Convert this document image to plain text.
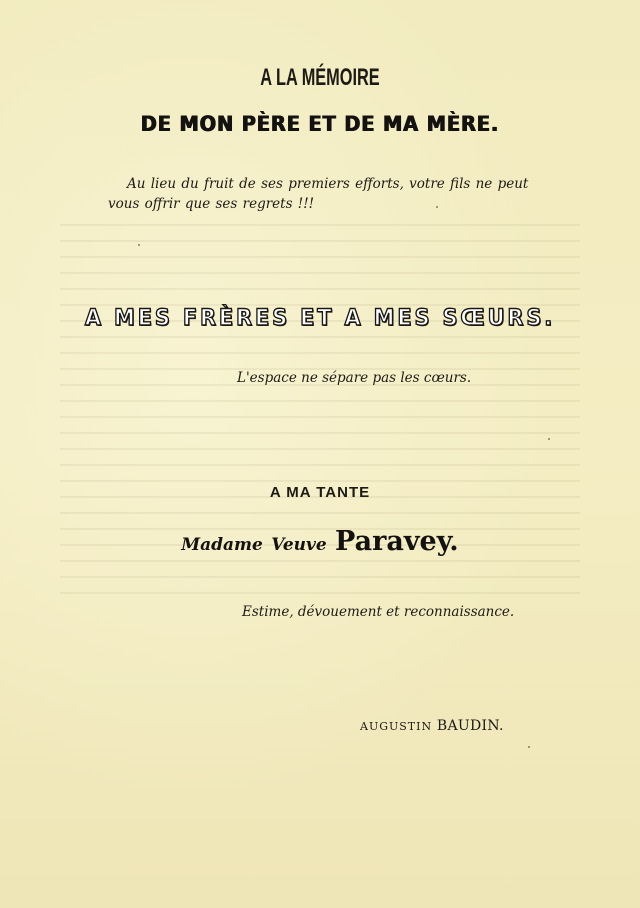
A LA MÉMOIRE
DE MON PÈRE ET DE MA MÈRE.
Au lieu du fruit de ses premiers efforts, votre fils ne peut
vous offrir que ses regrets !!!
A MES FRÈRES ET A MES SŒURS.
L'espace ne sépare pas les cœurs.
A MA TANTE
Madame Veuve Paravey.
Estime, dévouement et reconnaissance.
AUGUSTIN BAUDIN.
